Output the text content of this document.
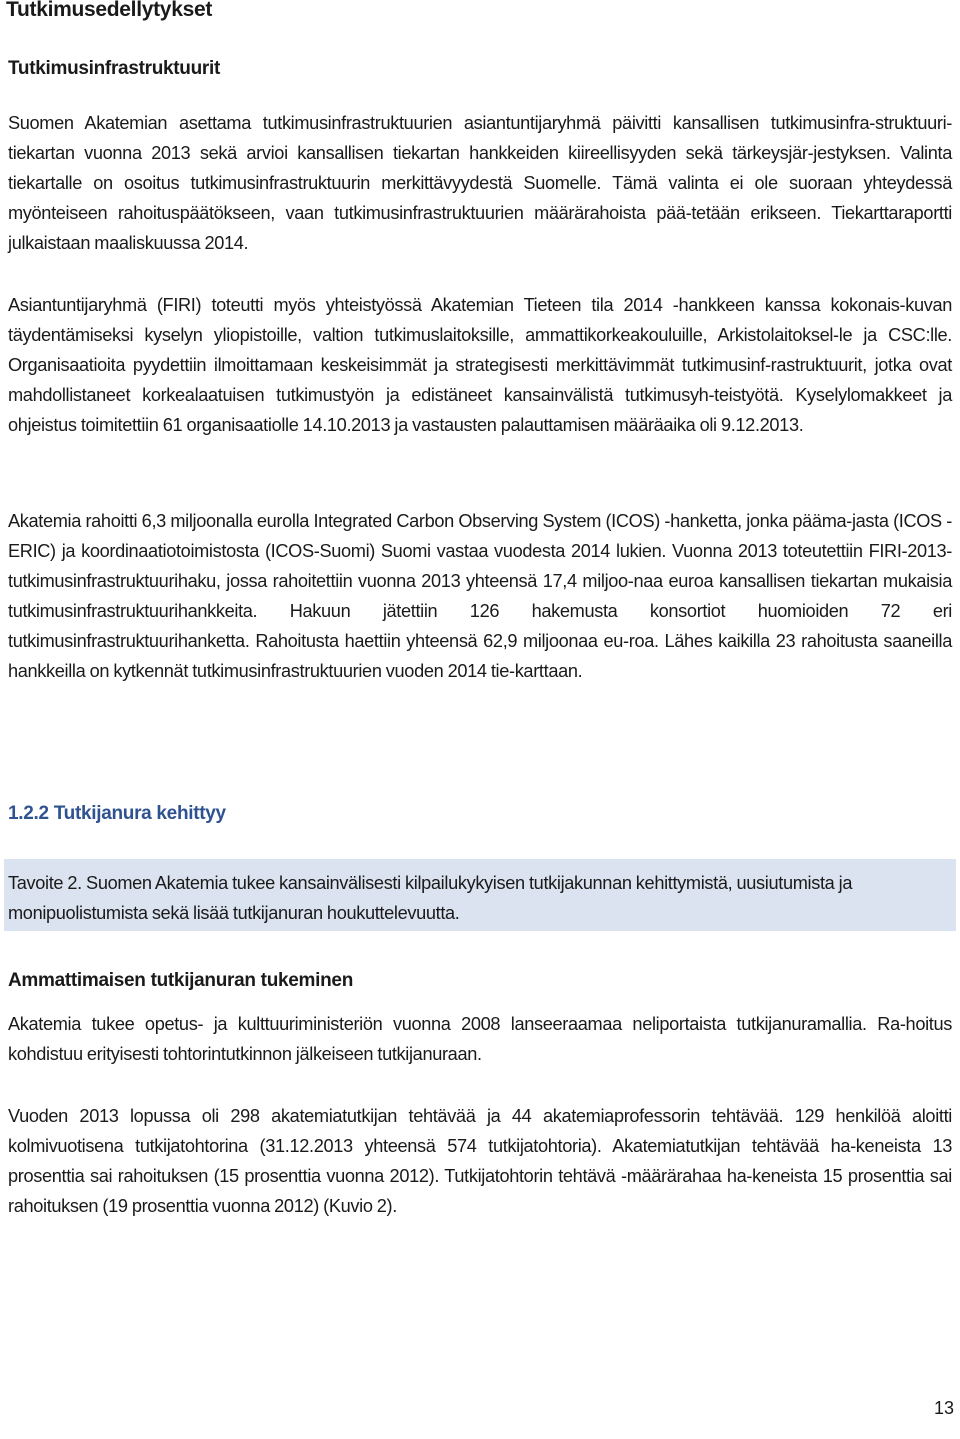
Tutkimusedellytykset
Tutkimusinfrastruktuurit
Suomen Akatemian asettama tutkimusinfrastruktuurien asiantuntijaryhmä päivitti kansallisen tutkimusinfra-struktuuri-tiekartan vuonna 2013 sekä arvioi kansallisen tiekartan hankkeiden kiireellisyyden sekä tärkeysjär-jestyksen. Valinta tiekartalle on osoitus tutkimusinfrastruktuurin merkittävyydestä Suomelle. Tämä valinta ei ole suoraan yhteydessä myönteiseen rahoituspäätökseen, vaan tutkimusinfrastruktuurien määrärahoista pää-tetään erikseen. Tiekarttaraportti julkaistaan maaliskuussa 2014.
Asiantuntijaryhmä (FIRI) toteutti myös yhteistyössä Akatemian Tieteen tila 2014 -hankkeen kanssa kokonais-kuvan täydentämiseksi kyselyn yliopistoille, valtion tutkimuslaitoksille, ammattikorkeakouluille, Arkistolaitoksel-le ja CSC:lle. Organisaatioita pyydettiin ilmoittamaan keskeisimmät ja strategisesti merkittävimmät tutkimusinf-rastruktuurit, jotka ovat mahdollistaneet korkealaatuisen tutkimustyön ja edistäneet kansainvälistä tutkimusyh-teistyötä. Kyselylomakkeet ja ohjeistus toimitettiin 61 organisaatiolle 14.10.2013 ja vastausten palauttamisen määräaika oli 9.12.2013.
Akatemia rahoitti 6,3 miljoonalla eurolla Integrated Carbon Observing System (ICOS) -hanketta, jonka pääma-jasta (ICOS -ERIC) ja koordinaatiotoimistosta (ICOS-Suomi) Suomi vastaa vuodesta 2014 lukien. Vuonna 2013 toteutettiin FIRI-2013-tutkimusinfrastruktuurihaku, jossa rahoitettiin vuonna 2013 yhteensä 17,4 miljoo-naa euroa kansallisen tiekartan mukaisia tutkimusinfrastruktuurihankkeita. Hakuun jätettiin 126 hakemusta konsortiot huomioiden 72 eri tutkimusinfrastruktuurihanketta. Rahoitusta haettiin yhteensä 62,9 miljoonaa eu-roa. Lähes kaikilla 23 rahoitusta saaneilla hankkeilla on kytkennät tutkimusinfrastruktuurien vuoden 2014 tie-karttaan.
1.2.2 Tutkijanura kehittyy
Tavoite 2. Suomen Akatemia tukee kansainvälisesti kilpailukykyisen tutkijakunnan kehittymistä, uusiutumista ja monipuolistumista sekä lisää tutkijanuran houkuttelevuutta.
Ammattimaisen tutkijanuran tukeminen
Akatemia tukee opetus- ja kulttuuriministeriön vuonna 2008 lanseeraamaa neliportaista tutkijanuramallia. Ra-hoitus kohdistuu erityisesti tohtorintutkinnon jälkeiseen tutkijanuraan.
Vuoden 2013 lopussa oli 298 akatemiatutkijan tehtävää ja 44 akatemiaprofessorin tehtävää. 129 henkilöä aloitti kolmivuotisena tutkijatohtorina (31.12.2013 yhteensä 574 tutkijatohtoria). Akatemiatutkijan tehtävää ha-keneista 13 prosenttia sai rahoituksen (15 prosenttia vuonna 2012). Tutkijatohtorin tehtävä -määrärahaa ha-keneista 15 prosenttia sai rahoituksen (19 prosenttia vuonna 2012) (Kuvio 2).
13
